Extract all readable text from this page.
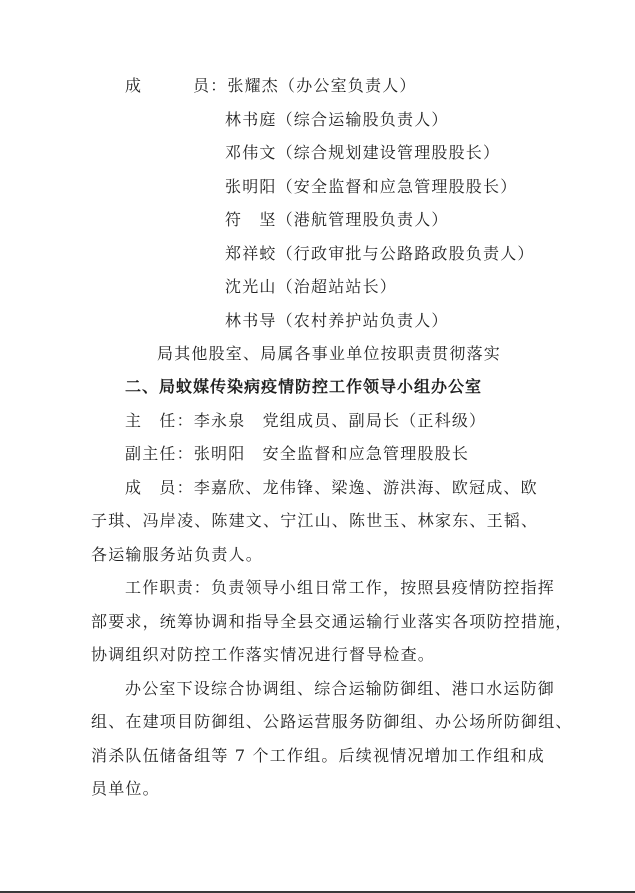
成	员：张耀杰（办公室负责人）
林书庭（综合运输股负责人）
邓伟文（综合规划建设管理股股长）
张明阳（安全监督和应急管理股股长）
符　坚（港航管理股负责人）
郑祥蛟（行政审批与公路路政股负责人）
沈光山（治超站站长）
林书导（农村养护站负责人）
局其他股室、局属各事业单位按职责贯彻落实
二、局蚊媒传染病疫情防控工作领导小组办公室
主　任：李永泉　党组成员、副局长（正科级）
副主任：张明阳　安全监督和应急管理股股长
成　员：李嘉欣、龙伟锋、梁逸、游洪海、欧冠成、欧
子琪、冯岸凌、陈建文、宁江山、陈世玉、林家东、王韬、
各运输服务站负责人。
工作职责：负责领导小组日常工作，按照县疫情防控指挥
部要求，统筹协调和指导全县交通运输行业落实各项防控措施，
协调组织对防控工作落实情况进行督导检查。
办公室下设综合协调组、综合运输防御组、港口水运防御
组、在建项目防御组、公路运营服务防御组、办公场所防御组、
消杀队伍储备组等 7 个工作组。后续视情况增加工作组和成
员单位。
